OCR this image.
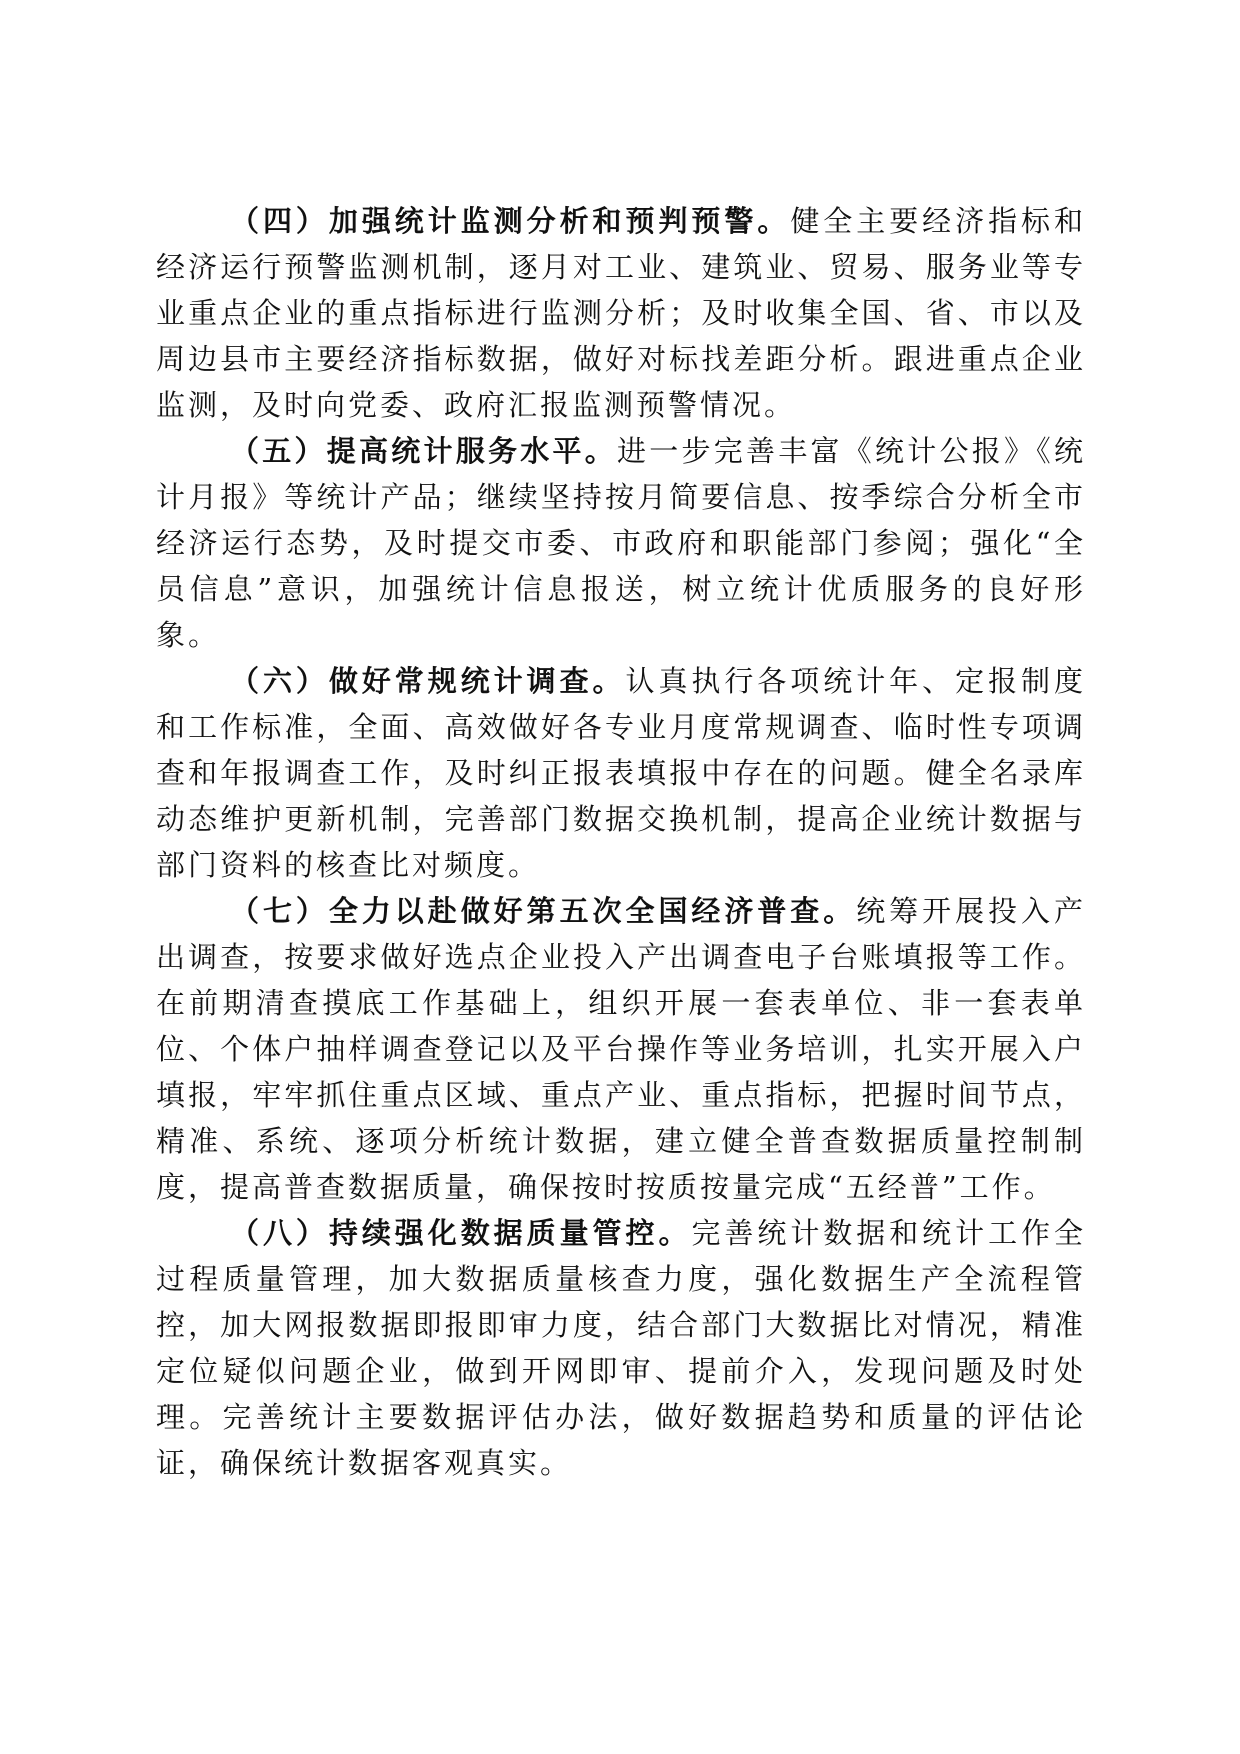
（四）加强统计监测分析和预判预警。健全主要经济指标和经济运行预警监测机制，逐月对工业、建筑业、贸易、服务业等专业重点企业的重点指标进行监测分析；及时收集全国、省、市以及周边县市主要经济指标数据，做好对标找差距分析。跟进重点企业监测，及时向党委、政府汇报监测预警情况。

（五）提高统计服务水平。进一步完善丰富《统计公报》《统计月报》等统计产品；继续坚持按月简要信息、按季综合分析全市经济运行态势，及时提交市委、市政府和职能部门参阅；强化“全员信息”意识，加强统计信息报送，树立统计优质服务的良好形象。

（六）做好常规统计调查。认真执行各项统计年、定报制度和工作标准，全面、高效做好各专业月度常规调查、临时性专项调查和年报调查工作，及时纠正报表填报中存在的问题。健全名录库动态维护更新机制，完善部门数据交换机制，提高企业统计数据与部门资料的核查比对频度。

（七）全力以赴做好第五次全国经济普查。统筹开展投入产出调查，按要求做好选点企业投入产出调查电子台账填报等工作。在前期清查摸底工作基础上，组织开展一套表单位、非一套表单位、个体户抽样调查登记以及平台操作等业务培训，扎实开展入户填报，牢牢抓住重点区域、重点产业、重点指标，把握时间节点，精准、系统、逐项分析统计数据，建立健全普查数据质量控制制度，提高普查数据质量，确保按时按质按量完成“五经普”工作。

（八）持续强化数据质量管控。完善统计数据和统计工作全过程质量管理，加大数据质量核查力度，强化数据生产全流程管控，加大网报数据即报即审力度，结合部门大数据比对情况，精准定位疑似问题企业，做到开网即审、提前介入，发现问题及时处理。完善统计主要数据评估办法，做好数据趋势和质量的评估论证，确保统计数据客观真实。
